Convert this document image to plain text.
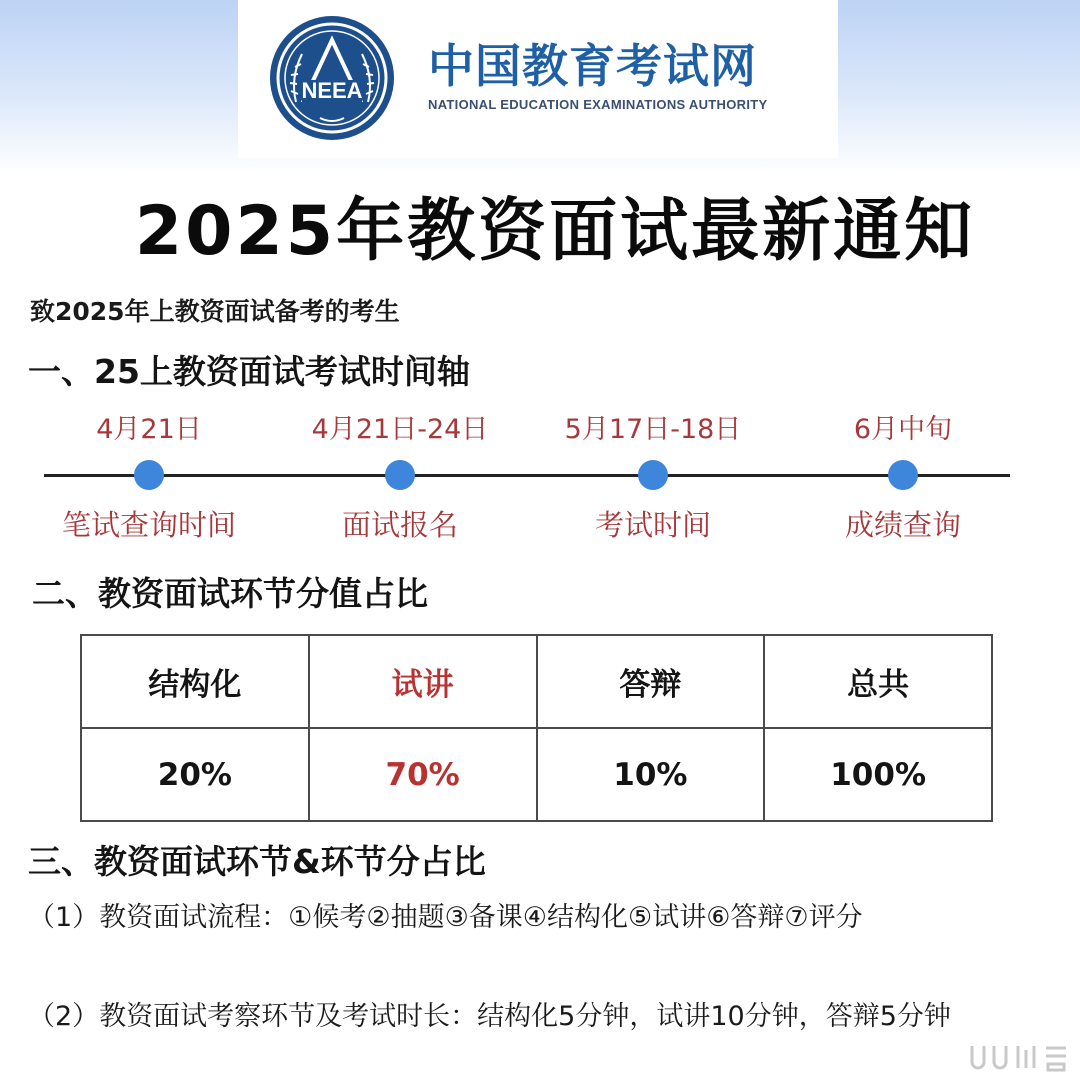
NEEA 中国教育考试网
NATIONAL EDUCATION EXAMINATIONS AUTHORITY
2025年教资面试最新通知
致2025年上教资面试备考的考生
一、25上教资面试考试时间轴
4月21日
笔试查询时间
4月21日-24日
面试报名
5月17日-18日
考试时间
6月中旬
成绩查询
二、教资面试环节分值占比
结构化	试讲	答辩	总共
20%	70%	10%	100%
三、教资面试环节&环节分占比
（1）教资面试流程：①候考②抽题③备课④结构化⑤试讲⑥答辩⑦评分
（2）教资面试考察环节及考试时长：结构化5分钟，试讲10分钟，答辩5分钟
